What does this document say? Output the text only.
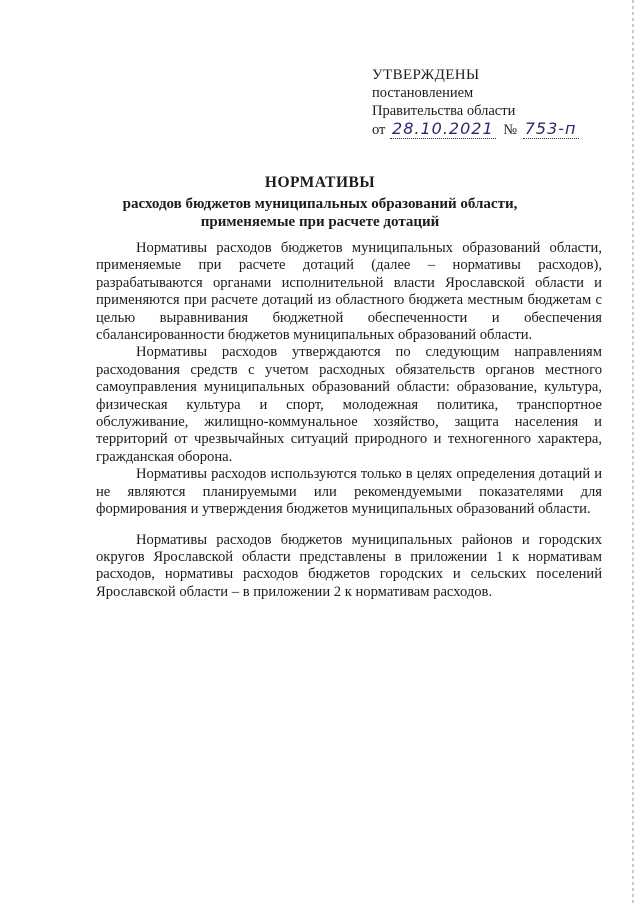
УТВЕРЖДЕНЫ
постановлением
Правительства области
от 28.10.2021 № 753-п
НОРМАТИВЫ
расходов бюджетов муниципальных образований области, применяемые при расчете дотаций

Нормативы расходов бюджетов муниципальных образований области, применяемые при расчете дотаций (далее – нормативы расходов), разрабатываются органами исполнительной власти Ярославской области и применяются при расчете дотаций из областного бюджета местным бюджетам с целью выравнивания бюджетной обеспеченности и обеспечения сбалансированности бюджетов муниципальных образований области.

Нормативы расходов утверждаются по следующим направлениям расходования средств с учетом расходных обязательств органов местного самоуправления муниципальных образований области: образование, культура, физическая культура и спорт, молодежная политика, транспортное обслуживание, жилищно-коммунальное хозяйство, защита населения и территорий от чрезвычайных ситуаций природного и техногенного характера, гражданская оборона.

Нормативы расходов используются только в целях определения дотаций и не являются планируемыми или рекомендуемыми показателями для формирования и утверждения бюджетов муниципальных образований области.

Нормативы расходов бюджетов муниципальных районов и городских округов Ярославской области представлены в приложении 1 к нормативам расходов, нормативы расходов бюджетов городских и сельских поселений Ярославской области – в приложении 2 к нормативам расходов.
